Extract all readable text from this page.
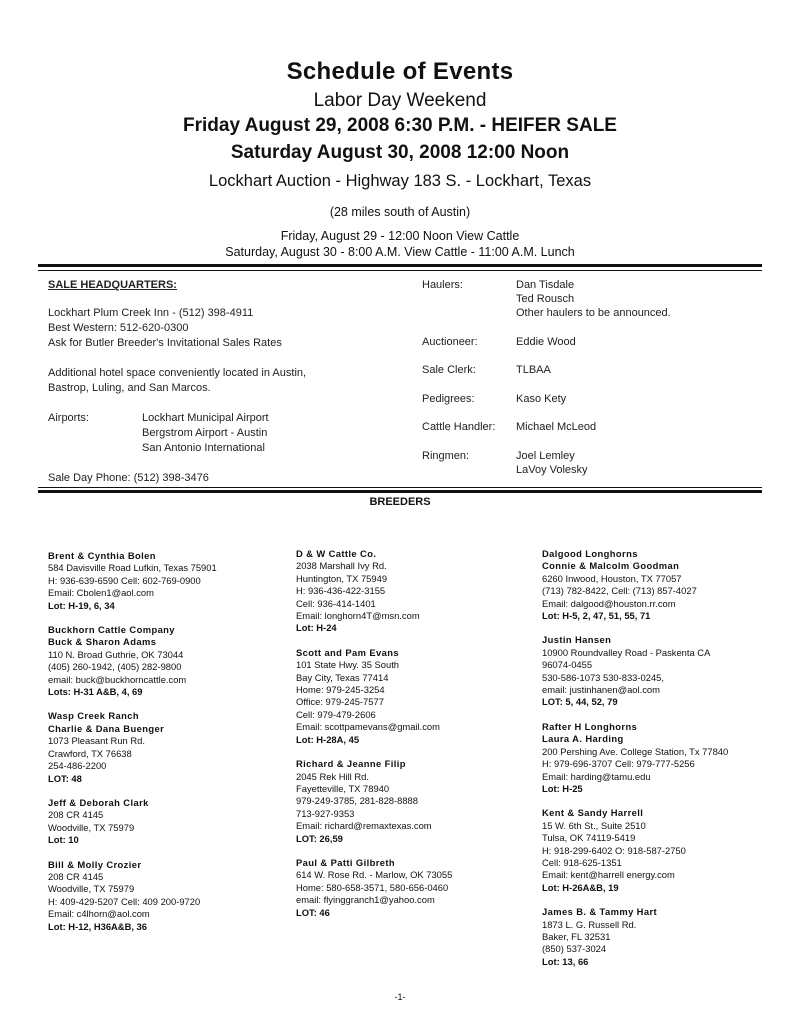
Schedule of Events
Labor Day Weekend
Friday August 29, 2008 6:30 P.M. - HEIFER SALE
Saturday August 30, 2008 12:00 Noon
Lockhart Auction - Highway 183 S. - Lockhart, Texas
(28 miles south of Austin)
Friday, August 29 - 12:00 Noon View Cattle
Saturday, August 30 - 8:00 A.M. View Cattle - 11:00 A.M. Lunch
SALE HEADQUARTERS:
Lockhart Plum Creek Inn - (512) 398-4911
Best Western: 512-620-0300
Ask for Butler Breeder's Invitational Sales Rates
Additional hotel space conveniently located in Austin,
Bastrop, Luling, and San Marcos.
Airports:	Lockhart Municipal Airport
Bergstrom Airport - Austin
San Antonio International
Sale Day Phone: (512) 398-3476
Haulers:	Dan Tisdale
Ted Rousch
Other haulers to be announced.
Auctioneer:	Eddie Wood
Sale Clerk:	TLBAA
Pedigrees:	Kaso Kety
Cattle Handler: Michael McLeod
Ringmen:	Joel Lemley
LaVoy Volesky
BREEDERS
Brent & Cynthia Bolen
584 Davisville Road Lufkin, Texas 75901
H: 936-639-6590 Cell: 602-769-0900
Email: Cbolen1@aol.com
Lot: H-19, 6, 34
Buckhorn Cattle Company
Buck & Sharon Adams
110 N. Broad Guthrie, OK 73044
(405) 260-1942, (405) 282-9800
email: buck@buckhorncattle.com
Lots: H-31 A&B, 4, 69
Wasp Creek Ranch
Charlie & Dana Buenger
1073 Pleasant Run Rd.
Crawford, TX 76638
254-486-2200
LOT: 48
Jeff & Deborah Clark
208 CR 4145
Woodville, TX 75979
Lot: 10
Bill & Molly Crozier
208 CR 4145
Woodville, TX 75979
H: 409-429-5207 Cell: 409 200-9720
Email: c4lhorn@aol.com
Lot: H-12, H36A&B, 36
D & W Cattle Co.
2038 Marshall Ivy Rd.
Huntington, TX 75949
H: 936-436-422-3155
Cell: 936-414-1401
Email: longhorn4T@msn.com
Lot: H-24
Scott and Pam Evans
101 State Hwy. 35 South
Bay City, Texas 77414
Home: 979-245-3254
Office: 979-245-7577
Cell: 979-479-2606
Email: scottpamevans@gmail.com
Lot: H-28A, 45
Richard & Jeanne Filip
2045 Rek Hill Rd.
Fayetteville, TX 78940
979-249-3785, 281-828-8888
713-927-9353
Email: richard@remaxtexas.com
LOT: 26,59
Paul & Patti Gilbreth
614 W. Rose Rd. - Marlow, OK 73055
Home: 580-658-3571, 580-656-0460
email: flyinggranch1@yahoo.com
LOT: 46
Dalgood Longhorns
Connie & Malcolm Goodman
6260 Inwood, Houston, TX 77057
(713) 782-8422, Cell: (713) 857-4027
Email: dalgood@houston.rr.com
Lot: H-5, 2, 47, 51, 55, 71
Justin Hansen
10900 Roundvalley Road - Paskenta CA
96074-0455
530-586-1073 530-833-0245,
email: justinhanen@aol.com
LOT: 5, 44, 52, 79
Rafter H Longhorns
Laura A. Harding
200 Pershing Ave. College Station, Tx 77840
H: 979-696-3707 Cell: 979-777-5256
Email: harding@tamu.edu
Lot: H-25
Kent & Sandy Harrell
15 W. 6th St., Suite 2510
Tulsa, OK 74119-5419
H: 918-299-6402 O: 918-587-2750
Cell: 918-625-1351
Email: kent@harrell energy.com
Lot: H-26A&B, 19
James B. & Tammy Hart
1873 L. G. Russell Rd.
Baker, FL 32531
(850) 537-3024
Lot: 13, 66
-1-
